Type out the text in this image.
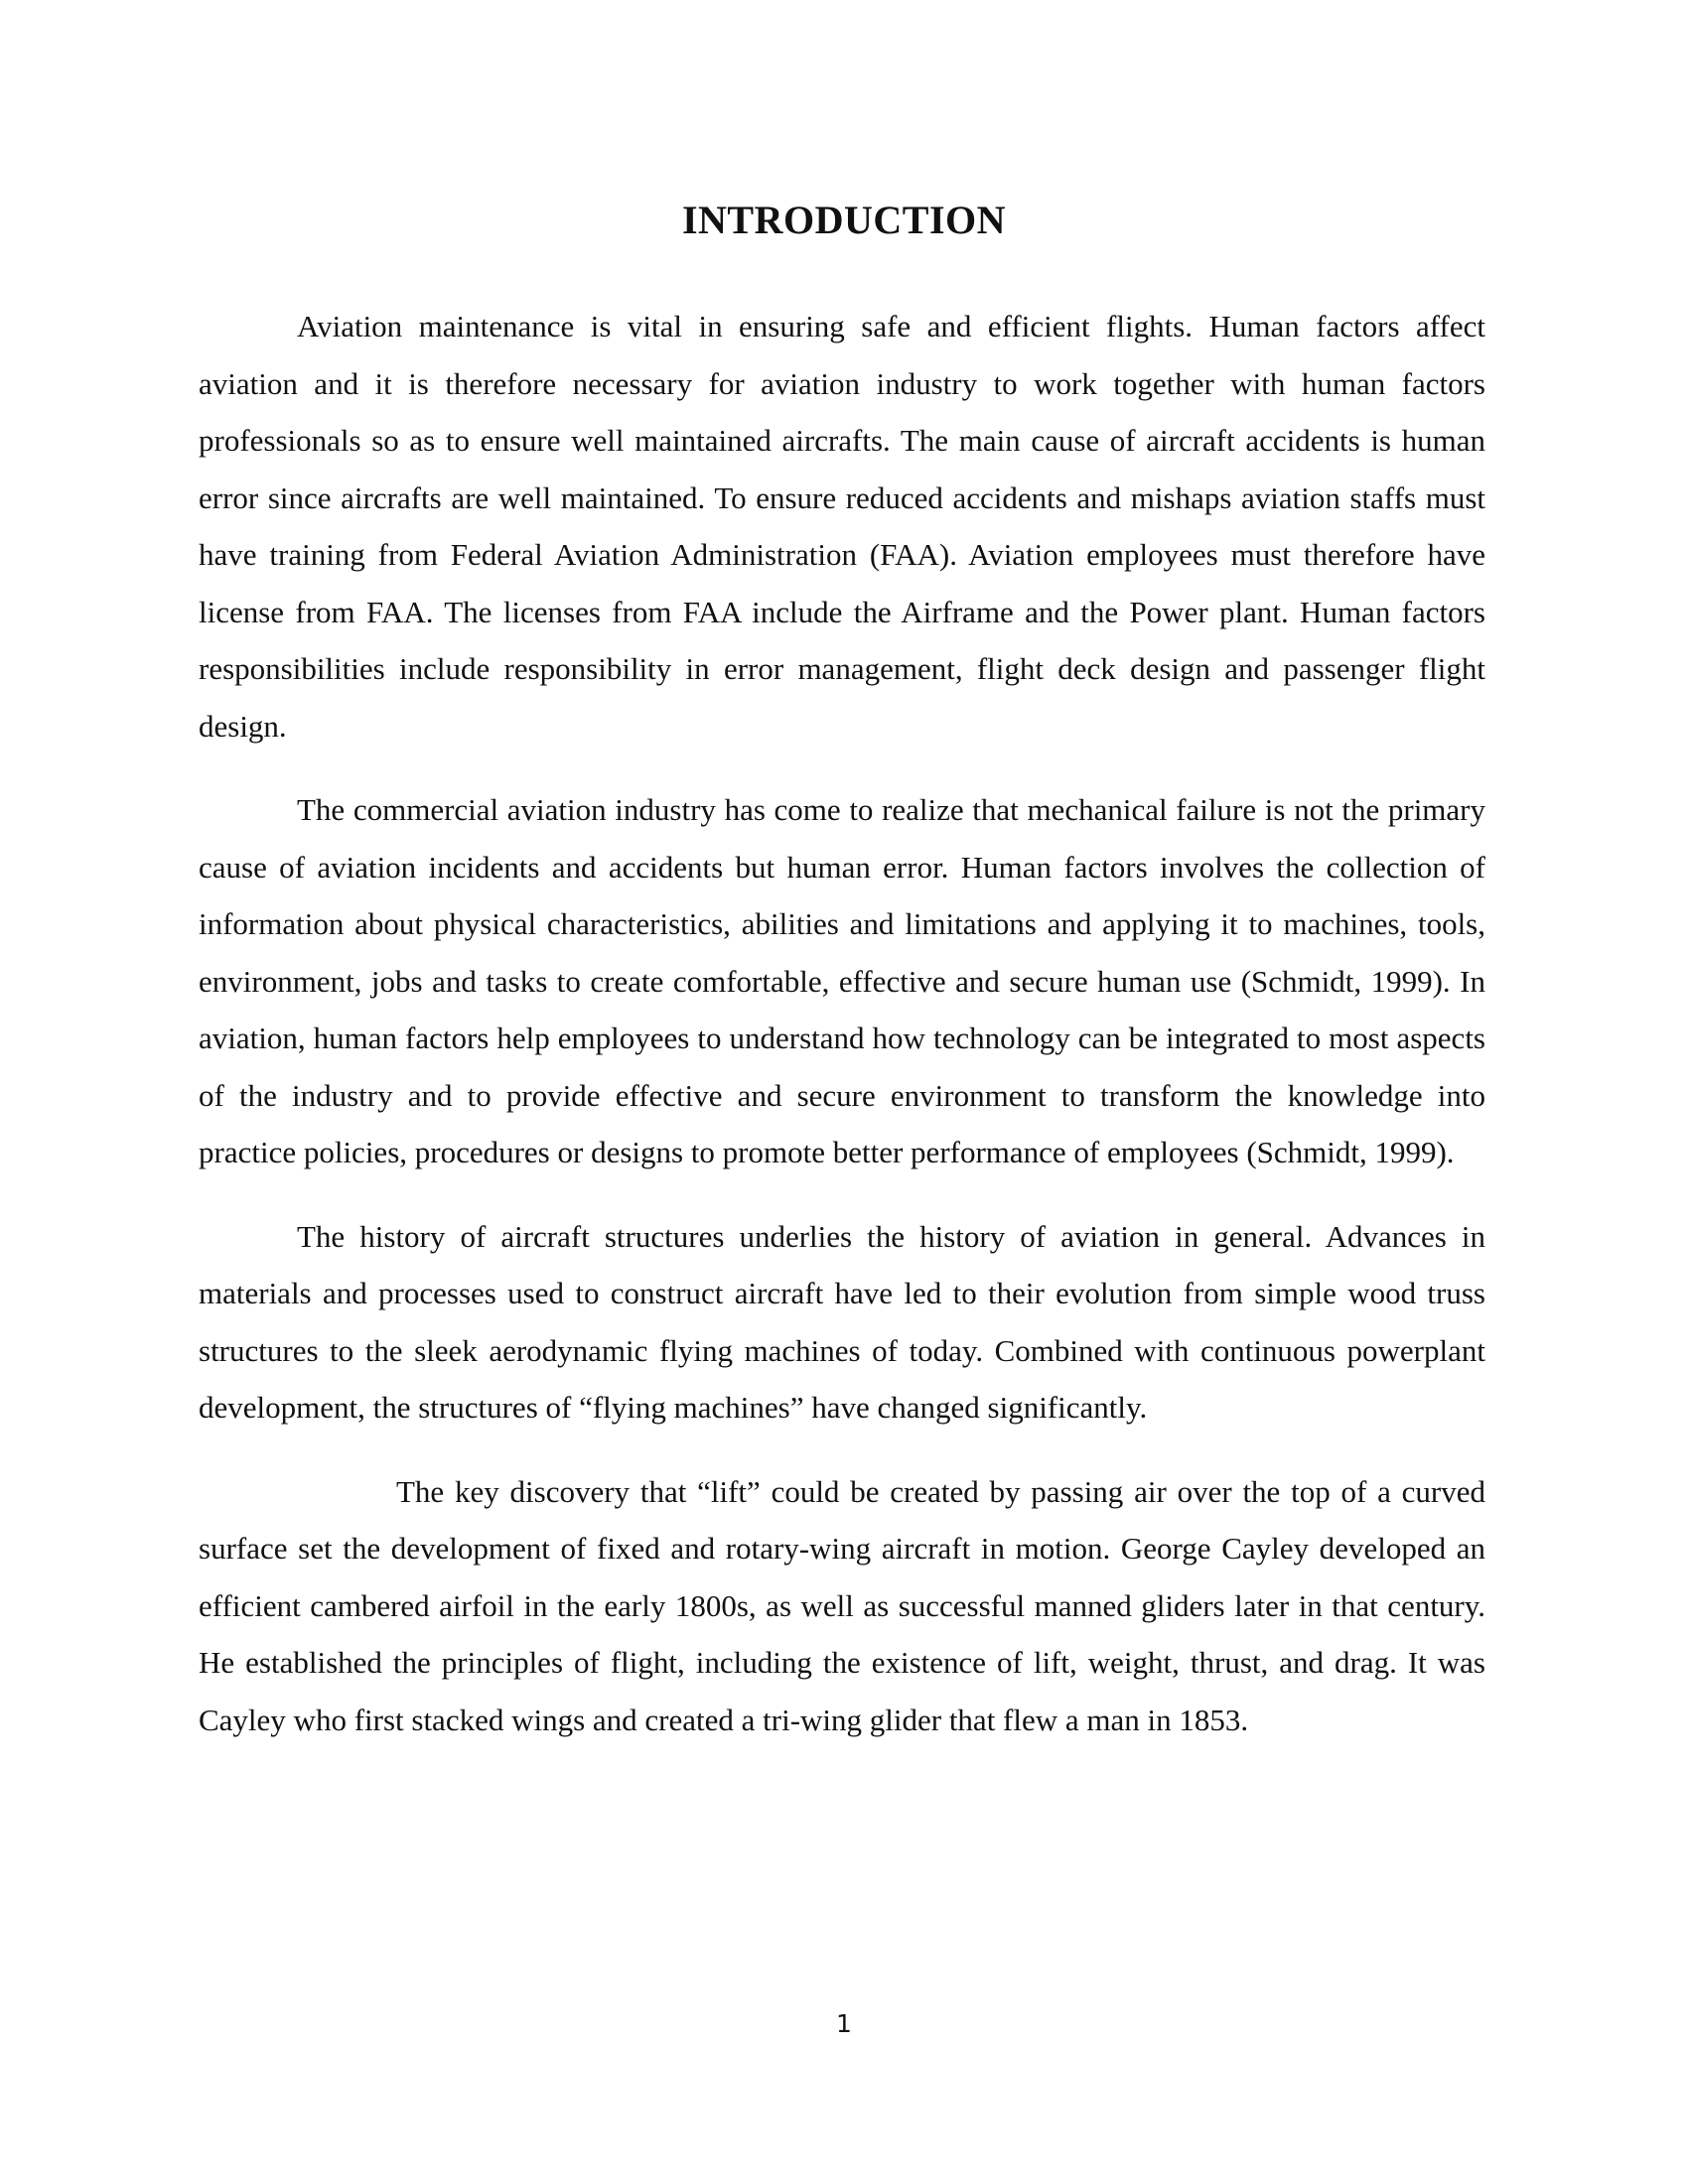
INTRODUCTION

Aviation maintenance is vital in ensuring safe and efficient flights. Human factors affect aviation and it is therefore necessary for aviation industry to work together with human factors professionals so as to ensure well maintained aircrafts. The main cause of aircraft accidents is human error since aircrafts are well maintained. To ensure reduced accidents and mishaps aviation staffs must have training from Federal Aviation Administration (FAA). Aviation employees must therefore have license from FAA. The licenses from FAA include the Airframe and the Power plant. Human factors responsibilities include responsibility in error management, flight deck design and passenger flight design.

The commercial aviation industry has come to realize that mechanical failure is not the primary cause of aviation incidents and accidents but human error. Human factors involves the collection of information about physical characteristics, abilities and limitations and applying it to machines, tools, environment, jobs and tasks to create comfortable, effective and secure human use (Schmidt, 1999). In aviation, human factors help employees to understand how technology can be integrated to most aspects of the industry and to provide effective and secure environment to transform the knowledge into practice policies, procedures or designs to promote better performance of employees (Schmidt, 1999).

The history of aircraft structures underlies the history of aviation in general. Advances in materials and processes used to construct aircraft have led to their evolution from simple wood truss structures to the sleek aerodynamic flying machines of today. Combined with continuous powerplant development, the structures of “flying machines” have changed significantly.

The key discovery that “lift” could be created by passing air over the top of a curved surface set the development of fixed and rotary-wing aircraft in motion. George Cayley developed an efficient cambered airfoil in the early 1800s, as well as successful manned gliders later in that century. He established the principles of flight, including the existence of lift, weight, thrust, and drag. It was Cayley who first stacked wings and created a tri-wing glider that flew a man in 1853.

1
